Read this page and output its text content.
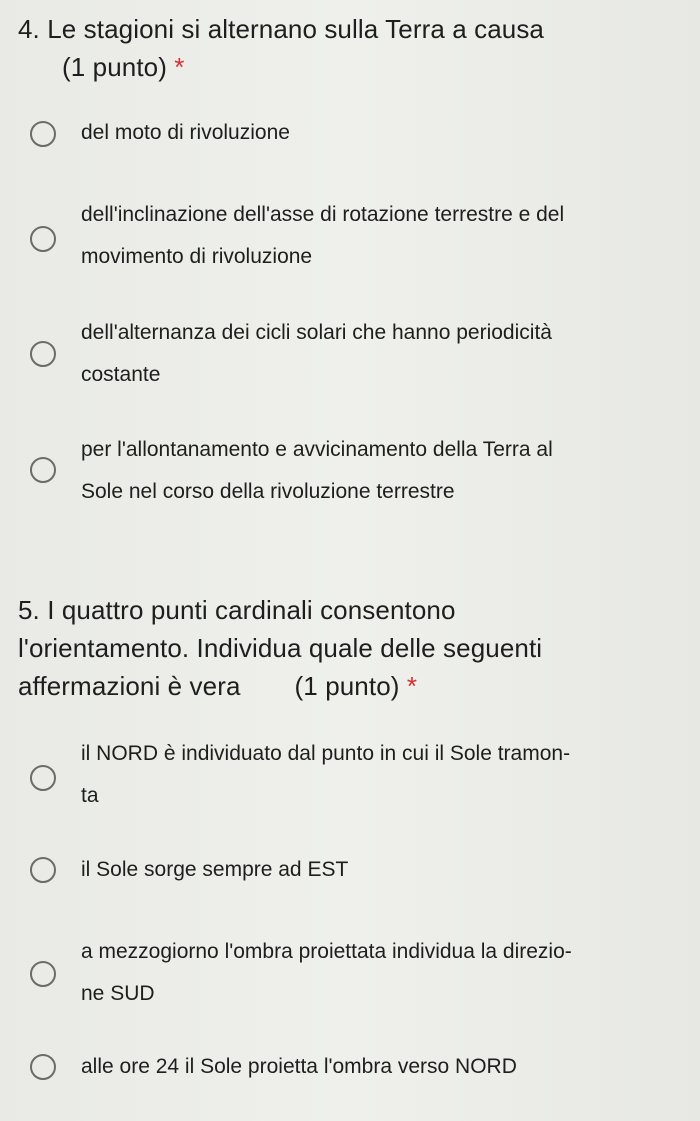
4. Le stagioni si alternano sulla Terra a causa
(1 punto) *
del moto di rivoluzione
dell'inclinazione dell'asse di rotazione terrestre e del
movimento di rivoluzione
dell'alternanza dei cicli solari che hanno periodicità
costante
per l'allontanamento e avvicinamento della Terra al
Sole nel corso della rivoluzione terrestre
5. I quattro punti cardinali consentono
l'orientamento. Individua quale delle seguenti
affermazioni è vera (1 punto) *
il NORD è individuato dal punto in cui il Sole tramon-
ta
il Sole sorge sempre ad EST
a mezzogiorno l'ombra proiettata individua la direzio-
ne SUD
alle ore 24 il Sole proietta l'ombra verso NORD
